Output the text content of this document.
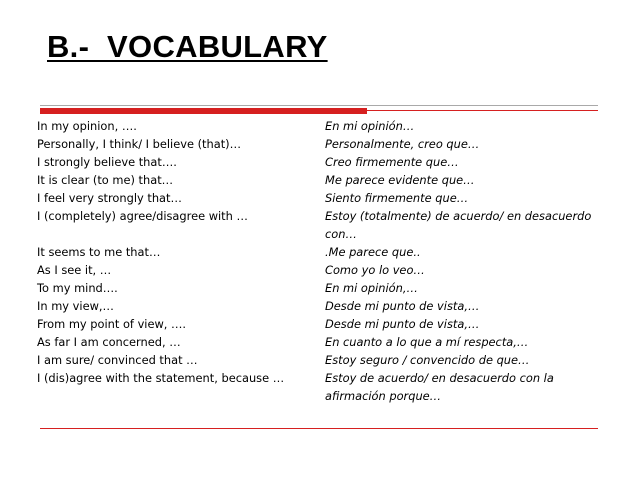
B.-  VOCABULARY
In my opinion, ….	En mi opinión…
Personally, I think/ I believe (that)…	Personalmente, creo que…
I strongly believe that….	Creo firmemente que…
It is clear (to me) that…	Me parece evidente que…
I feel very strongly that…	Siento firmemente que…
I (completely) agree/disagree with …	Estoy (totalmente) de acuerdo/ en desacuerdo con…
It seems to me that…	.Me parece que..
As I see it, …	Como yo lo veo…
To my mind….	En mi opinión,…
In my view,…	Desde mi punto de vista,…
From my point of view, ….	Desde mi punto de vista,…
As far I am concerned, …	En cuanto a lo que a mí respecta,…
I am sure/ convinced that …	Estoy seguro / convencido de que…
I (dis)agree with the statement, because …	Estoy de acuerdo/ en desacuerdo con la afirmación porque…
